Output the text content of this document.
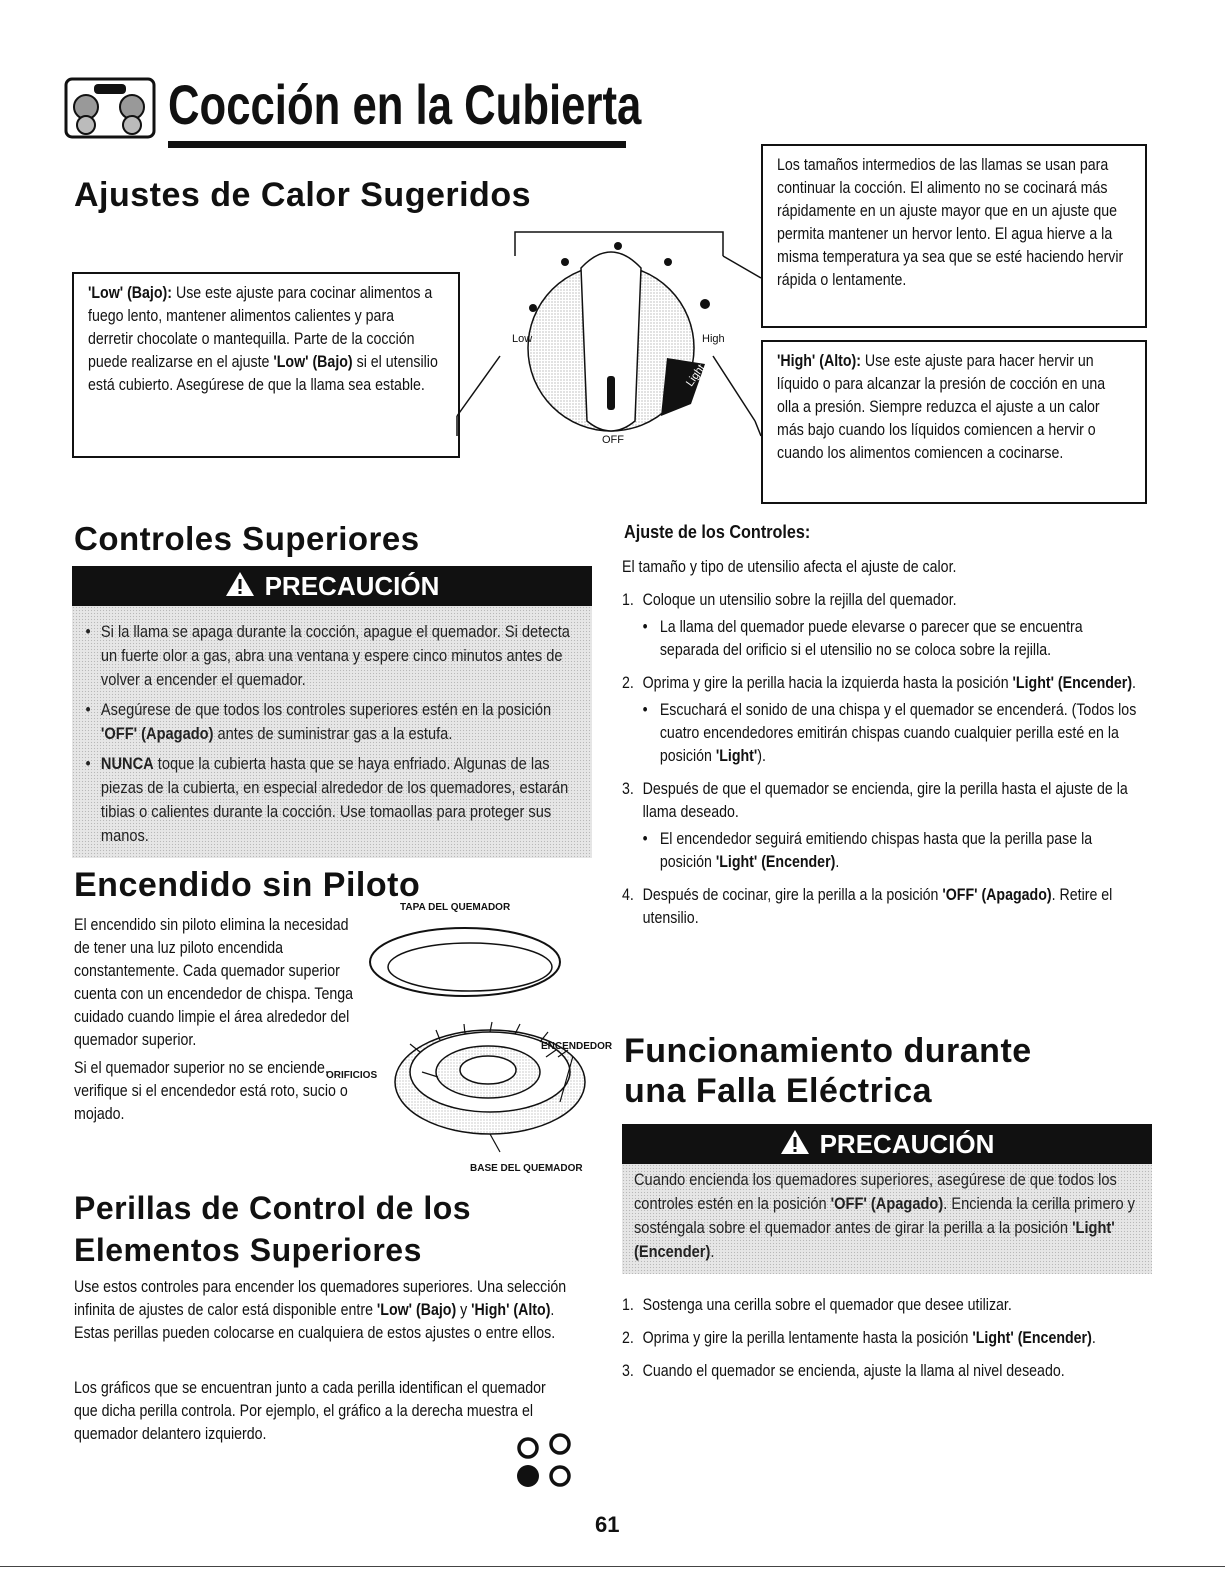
Cocción en la Cubierta
Ajustes de Calor Sugeridos
'Low' (Bajo): Use este ajuste para cocinar alimentos a fuego lento, mantener alimentos calientes y para derretir chocolate o mantequilla. Parte de la cocción puede realizarse en el ajuste 'Low' (Bajo) si el utensilio está cubierto. Asegúrese de que la llama sea estable.
Los tamaños intermedios de las llamas se usan para continuar la cocción. El alimento no se cocinará más rápidamente en un ajuste mayor que en un ajuste que permita mantener un hervor lento. El agua hierve a la misma temperatura ya sea que se esté haciendo hervir rápida o lentamente.
'High' (Alto): Use este ajuste para hacer hervir un líquido o para alcanzar la presión de cocción en una olla a presión. Siempre reduzca el ajuste a un calor más bajo cuando los líquidos comiencen a hervir o cuando los alimentos comiencen a cocinarse.
Low	High
OFF
Light
Controles Superiores
PRECAUCIÓN
• Si la llama se apaga durante la cocción, apague el quemador. Si detecta un fuerte olor a gas, abra una ventana y espere cinco minutos antes de volver a encender el quemador.
• Asegúrese de que todos los controles superiores estén en la posición 'OFF' (Apagado) antes de suministrar gas a la estufa.
• NUNCA toque la cubierta hasta que se haya enfriado. Algunas de las piezas de la cubierta, en especial alrededor de los quemadores, estarán tibias o calientes durante la cocción. Use tomaollas para proteger sus manos.
Encendido sin Piloto
El encendido sin piloto elimina la necesidad de tener una luz piloto encendida constantemente. Cada quemador superior cuenta con un encendedor de chispa. Tenga cuidado cuando limpie el área alrededor del quemador superior.
Si el quemador superior no se enciende, verifique si el encendedor está roto, sucio o mojado.
TAPA DEL QUEMADOR
ENCENDEDOR
ORIFICIOS
BASE DEL QUEMADOR
Perillas de Control de los
Elementos Superiores
Use estos controles para encender los quemadores superiores. Una selección infinita de ajustes de calor está disponible entre 'Low' (Bajo) y 'High' (Alto). Estas perillas pueden colocarse en cualquiera de estos ajustes o entre ellos.
Los gráficos que se encuentran junto a cada perilla identifican el quemador que dicha perilla controla. Por ejemplo, el gráfico a la derecha muestra el quemador delantero izquierdo.
Ajuste de los Controles:
El tamaño y tipo de utensilio afecta el ajuste de calor.
1. Coloque un utensilio sobre la rejilla del quemador.
• La llama del quemador puede elevarse o parecer que se encuentra separada del orificio si el utensilio no se coloca sobre la rejilla.
2. Oprima y gire la perilla hacia la izquierda hasta la posición 'Light' (Encender).
• Escuchará el sonido de una chispa y el quemador se encenderá. (Todos los cuatro encendedores emitirán chispas cuando cualquier perilla esté en la posición 'Light').
3. Después de que el quemador se encienda, gire la perilla hasta el ajuste de la llama deseado.
• El encendedor seguirá emitiendo chispas hasta que la perilla pase la posición 'Light' (Encender).
4. Después de cocinar, gire la perilla a la posición 'OFF' (Apagado). Retire el utensilio.
Funcionamiento durante
una Falla Eléctrica
PRECAUCIÓN
Cuando encienda los quemadores superiores, asegúrese de que todos los controles estén en la posición 'OFF' (Apagado). Encienda la cerilla primero y sosténgala sobre el quemador antes de girar la perilla a la posición 'Light' (Encender).
1. Sostenga una cerilla sobre el quemador que desee utilizar.
2. Oprima y gire la perilla lentamente hasta la posición 'Light' (Encender).
3. Cuando el quemador se encienda, ajuste la llama al nivel deseado.
61
